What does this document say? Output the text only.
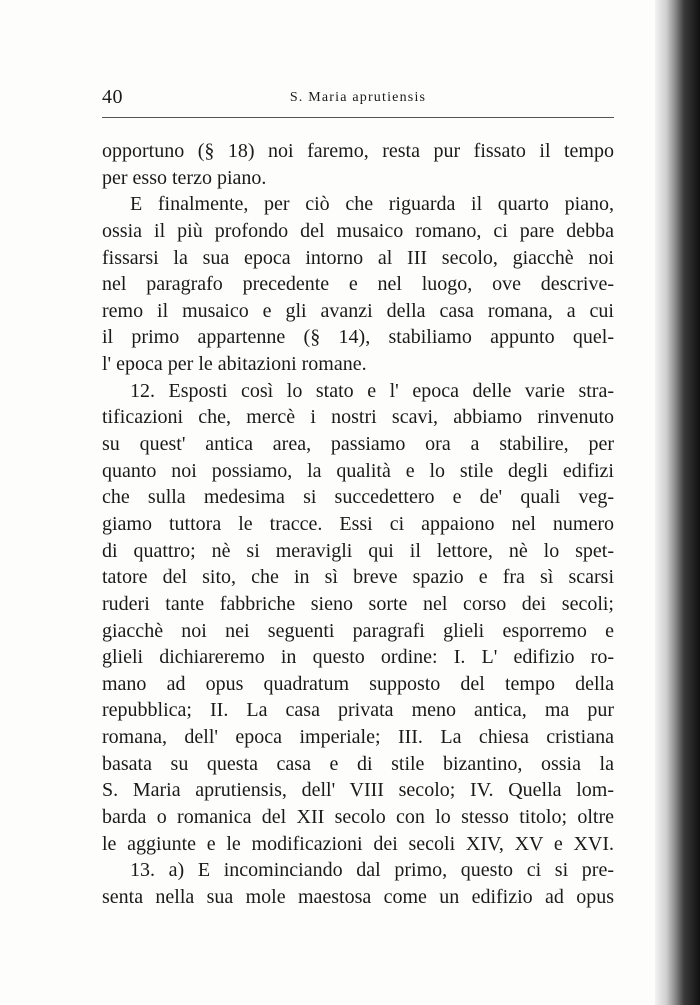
40	S. Maria aprutiensis
opportuno (§ 18) noi faremo, resta pur fissato il tempo
per esso terzo piano.
E finalmente, per ciò che riguarda il quarto piano,
ossia il più profondo del musaico romano, ci pare debba
fissarsi la sua epoca intorno al III secolo, giacchè noi
nel paragrafo precedente e nel luogo, ove descrive-
remo il musaico e gli avanzi della casa romana, a cui
il primo appartenne (§ 14), stabiliamo appunto quel-
l' epoca per le abitazioni romane.
12. Esposti così lo stato e l' epoca delle varie stra-
tificazioni che, mercè i nostri scavi, abbiamo rinvenuto
su quest' antica area, passiamo ora a stabilire, per
quanto noi possiamo, la qualità e lo stile degli edifizi
che sulla medesima si succedettero e de' quali veg-
giamo tuttora le tracce. Essi ci appaiono nel numero
di quattro; nè si meravigli qui il lettore, nè lo spet-
tatore del sito, che in sì breve spazio e fra sì scarsi
ruderi tante fabbriche sieno sorte nel corso dei secoli;
giacchè noi nei seguenti paragrafi glieli esporremo e
glieli dichiareremo in questo ordine: I. L' edifizio ro-
mano ad opus quadratum supposto del tempo della
repubblica; II. La casa privata meno antica, ma pur
romana, dell' epoca imperiale; III. La chiesa cristiana
basata su questa casa e di stile bizantino, ossia la
S. Maria aprutiensis, dell' VIII secolo; IV. Quella lom-
barda o romanica del XII secolo con lo stesso titolo; oltre
le aggiunte e le modificazioni dei secoli XIV, XV e XVI.
13. a) E incominciando dal primo, questo ci si pre-
senta nella sua mole maestosa come un edifizio ad opus
